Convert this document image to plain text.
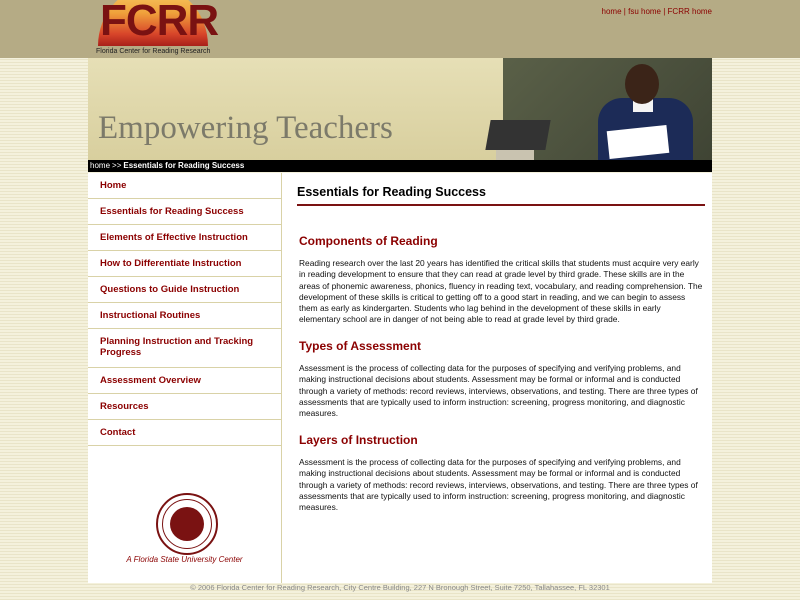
FCRR
Florida Center for Reading Research
home | fsu home | FCRR home
Empowering Teachers
home >> Essentials for Reading Success
Home
Essentials for Reading Success
Elements of Effective Instruction
How to Differentiate Instruction
Questions to Guide Instruction
Instructional Routines
Planning Instruction and Tracking Progress
Assessment Overview
Resources
Contact
A Florida State University Center
Essentials for Reading Success
Components of Reading

Reading research over the last 20 years has identified the critical skills that students must acquire very early in reading development to ensure that they can read at grade level by third grade. These skills are in the areas of phonemic awareness, phonics, fluency in reading text, vocabulary, and reading comprehension. The development of these skills is critical to getting off to a good start in reading, and we can begin to assess them as early as kindergarten. Students who lag behind in the development of these skills in early elementary school are in danger of not being able to read at grade level by third grade.

Types of Assessment

Assessment is the process of collecting data for the purposes of specifying and verifying problems, and making instructional decisions about students. Assessment may be formal or informal and is conducted through a variety of methods: record reviews, interviews, observations, and testing. There are three types of assessments that are typically used to inform instruction: screening, progress monitoring, and diagnostic measures.

Layers of Instruction

Assessment is the process of collecting data for the purposes of specifying and verifying problems, and making instructional decisions about students. Assessment may be formal or informal and is conducted through a variety of methods: record reviews, interviews, observations, and testing. There are three types of assessments that are typically used to inform instruction: screening, progress monitoring, and diagnostic measures.

© 2006 Florida Center for Reading Research, City Centre Building, 227 N Bronough Street, Suite 7250, Tallahassee, FL 32301
